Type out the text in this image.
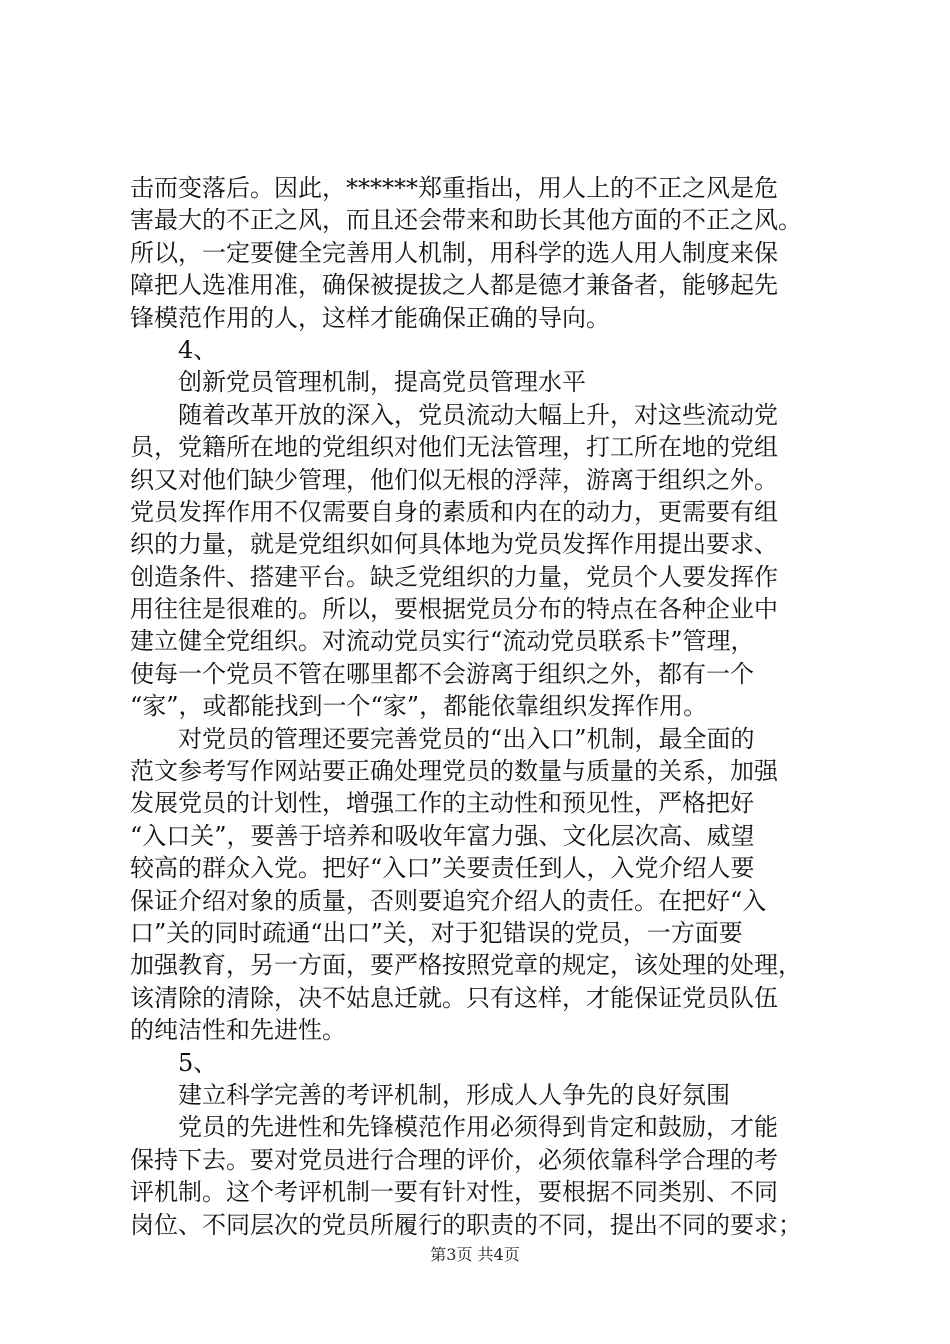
击而变落后。因此，******郑重指出，用人上的不正之风是危
害最大的不正之风，而且还会带来和助长其他方面的不正之风。
所以，一定要健全完善用人机制，用科学的选人用人制度来保
障把人选准用准，确保被提拔之人都是德才兼备者，能够起先
锋模范作用的人，这样才能确保正确的导向。
4、
创新党员管理机制，提高党员管理水平
随着改革开放的深入，党员流动大幅上升，对这些流动党
员，党籍所在地的党组织对他们无法管理，打工所在地的党组
织又对他们缺少管理，他们似无根的浮萍，游离于组织之外。
党员发挥作用不仅需要自身的素质和内在的动力，更需要有组
织的力量，就是党组织如何具体地为党员发挥作用提出要求、
创造条件、搭建平台。缺乏党组织的力量，党员个人要发挥作
用往往是很难的。所以，要根据党员分布的特点在各种企业中
建立健全党组织。对流动党员实行“流动党员联系卡”管理，
使每一个党员不管在哪里都不会游离于组织之外，都有一个
“家”，或都能找到一个“家”，都能依靠组织发挥作用。
对党员的管理还要完善党员的“出入口”机制，最全面的
范文参考写作网站要正确处理党员的数量与质量的关系，加强
发展党员的计划性，增强工作的主动性和预见性，严格把好
“入口关”，要善于培养和吸收年富力强、文化层次高、威望
较高的群众入党。把好“入口”关要责任到人，入党介绍人要
保证介绍对象的质量，否则要追究介绍人的责任。在把好“入
口”关的同时疏通“出口”关，对于犯错误的党员，一方面要
加强教育，另一方面，要严格按照党章的规定，该处理的处理，
该清除的清除，决不姑息迁就。只有这样，才能保证党员队伍
的纯洁性和先进性。
5、
建立科学完善的考评机制，形成人人争先的良好氛围
党员的先进性和先锋模范作用必须得到肯定和鼓励，才能
保持下去。要对党员进行合理的评价，必须依靠科学合理的考
评机制。这个考评机制一要有针对性，要根据不同类别、不同
岗位、不同层次的党员所履行的职责的不同，提出不同的要求；
第3页 共4页
